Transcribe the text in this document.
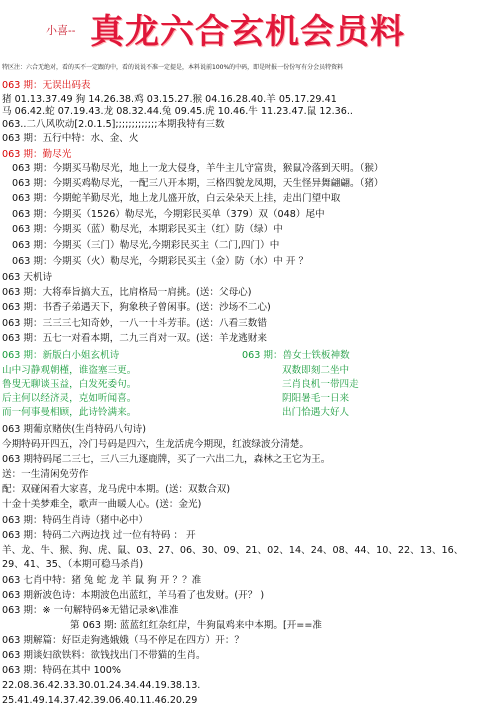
小喜-- 真龙六合玄机会员料
特区注：六合无绝对，看的买不一定跟的中，看的说说不准一定提是，本料说前100%的中码，即是时报一份份写有分会员特资料
063 期：无误出码表
猪 01.13.37.49 狗 14.26.38.鸡 03.15.27.猴 04.16.28.40.羊 05.17.29.41
马 06.42.蛇 07.19.43.龙 08.32.44.兔 09.45.虎 10.46.牛 11.23.47.鼠 12.36..
063..二八风吹动[2.0.1.5];;;;;;;;;;;;;本期我特有三数
063 期：五行中特：水、金、火
063 期：勤尽光
063 期：今期买马勒尽光，地上一龙大侵身，羊牛主儿守富贵，猴鼠冷落到天明。（猴）
063 期：今期买鸡勒尽光，一配三八开本期，三格四貌龙凤期，天生怪异舞翩翩。（猪）
063 期：今期蛇羊勤尽光，地上龙儿盛开放，白云朵朵天上挂，走出门望中取
063 期：今期买（1526）勒尽光，今期彩民买单（379）双（048）尾中
063 期：今期买（蓝）勒尽光，本期彩民买主（红）防（绿）中
063 期：今期买（三门）勒尽光,今期彩民买主（二门,四门）中
063 期：今期买（火）勒尽光，今期彩民买主（金）防（水）中 开 ？
063 天机诗
063 期：大将奉旨搞大五，比肩格局一肩挑。(送：父母心)
063 期：书香子弟遇天下，狗象秧子曾闲事。(送：沙场不二心)
063 期：三三三七知奇妙，一八一十斗芳菲。(送：八看三数错
063 期：五七一对看本期，二九三肖对一双。(送：羊龙逃财来
063 期：新版白小姐玄机诗	063 期：兽女士铁板神数
山中习静观朝槿，谁盗塞三更。
鲁叟无聊谈玉益，白发死委句。
后主何以经济灵，克如听闻喜。
而一何事曼相顾，此诗铃满来。
双数即刻二坐中
三肖良机一带四走
阴阳暑毛一日来
出门恰遇大好人
063 期葡京赌侠(生肖特码八句诗)
今期特码开四五，冷门号码是四六，生龙活虎今期现，红波绿波分清楚。
063 期特码尾二三七，三八三九逐鹿牌，买了一六出二九，森林之王它为王。
送：一生清闲免劳作
配：双碰闲看大家喜，龙马虎中本期。(送：双数合双)
十金十美梦难全，歌声一曲暖人心。(送：金光)
063 期：特码生肖诗（猪中必中）
063 期：特码二六两边找 过一位有特码 ： 开
羊、龙、牛、猴、狗、虎、鼠、03、27、06、30、09、21、02、14、24、08、44、10、22、13、16、
29、41、35、（本期可稳马杀肖)
063 七肖中特：猪 兔 蛇 龙 羊 鼠 狗 开 ？？准
063 期新波色诗：本期波色出蓝红，羊马看了也发财。(开？ )
063 期：※ 一句解特码※无错记录※\准准
第 063 期: 蓝蓝红红杂红岸，牛狗鼠鸡来中本期。[开==准
063 期解篇：好臣走狗逃娥娥（马不停足在四方）开：？
063 期谈妇欲铁料：欲钱找出门不带猫的生肖。
063 期：特码在其中 100%
22.08.36.42.33.30.01.24.34.44.19.38.13.
25.41.49.14.37.42.39.06.40.11.46.20.29
